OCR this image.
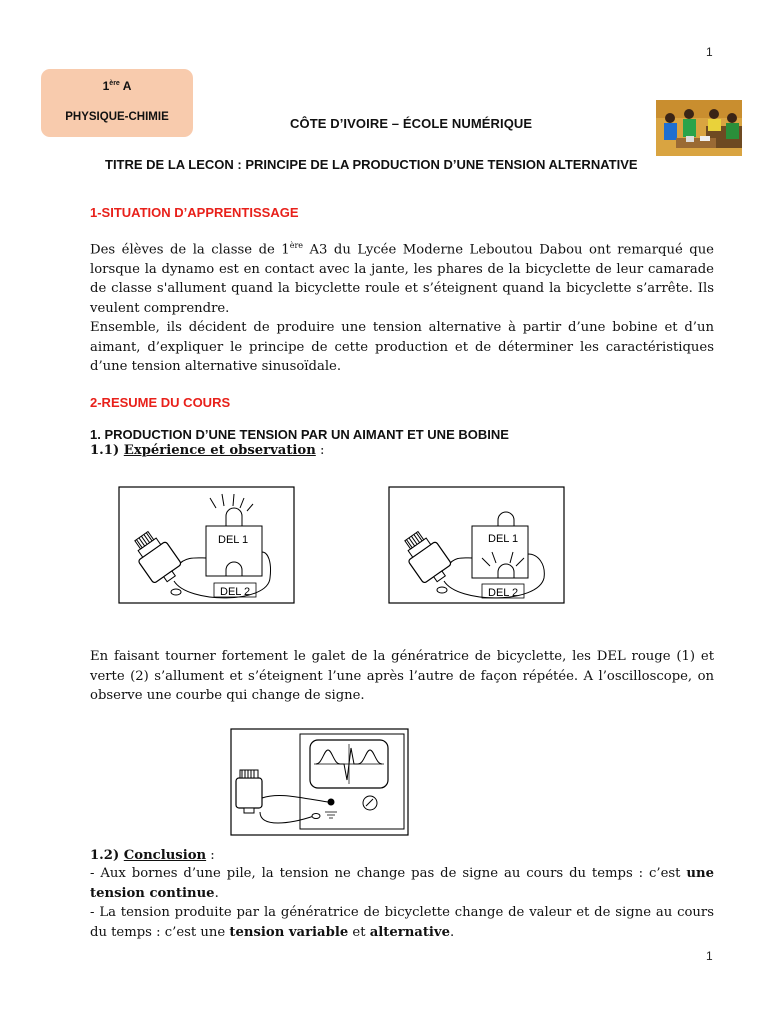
1
1
1ère A
PHYSIQUE-CHIMIE	CÔTE D’IVOIRE – ÉCOLE NUMÉRIQUE
TITRE DE LA LECON : PRINCIPE DE LA PRODUCTION D’UNE TENSION ALTERNATIVE
1-SITUATION D’APPRENTISSAGE

Des élèves de la classe de 1ère A3 du Lycée Moderne Leboutou Dabou ont remarqué que lorsque la dynamo est en contact avec la jante, les phares de la bicyclette de leur camarade de classe s'allument quand la bicyclette roule et s’éteignent quand la bicyclette s’arrête. Ils veulent comprendre.

Ensemble, ils décident de produire une tension alternative à partir d’une bobine et d’un aimant, d’expliquer le principe de cette production et de déterminer les caractéristiques d’une tension alternative sinusoïdale.

2-RESUME DU COURS
1. PRODUCTION D’UNE TENSION PAR UN AIMANT ET UNE BOBINE
1.1) Expérience et observation :
DEL 1
DEL 2
DEL 1
DEL 2

En faisant tourner fortement le galet de la génératrice de bicyclette, les DEL rouge (1) et verte (2) s’allument et s’éteignent l’une après l’autre de façon répétée. A l’oscilloscope, on observe une courbe qui change de signe.

1.2) Conclusion :

- Aux bornes d’une pile, la tension ne change pas de signe au cours du temps : c’est une tension continue.

- La tension produite par la génératrice de bicyclette change de valeur et de signe au cours du temps : c’est une tension variable et alternative.
